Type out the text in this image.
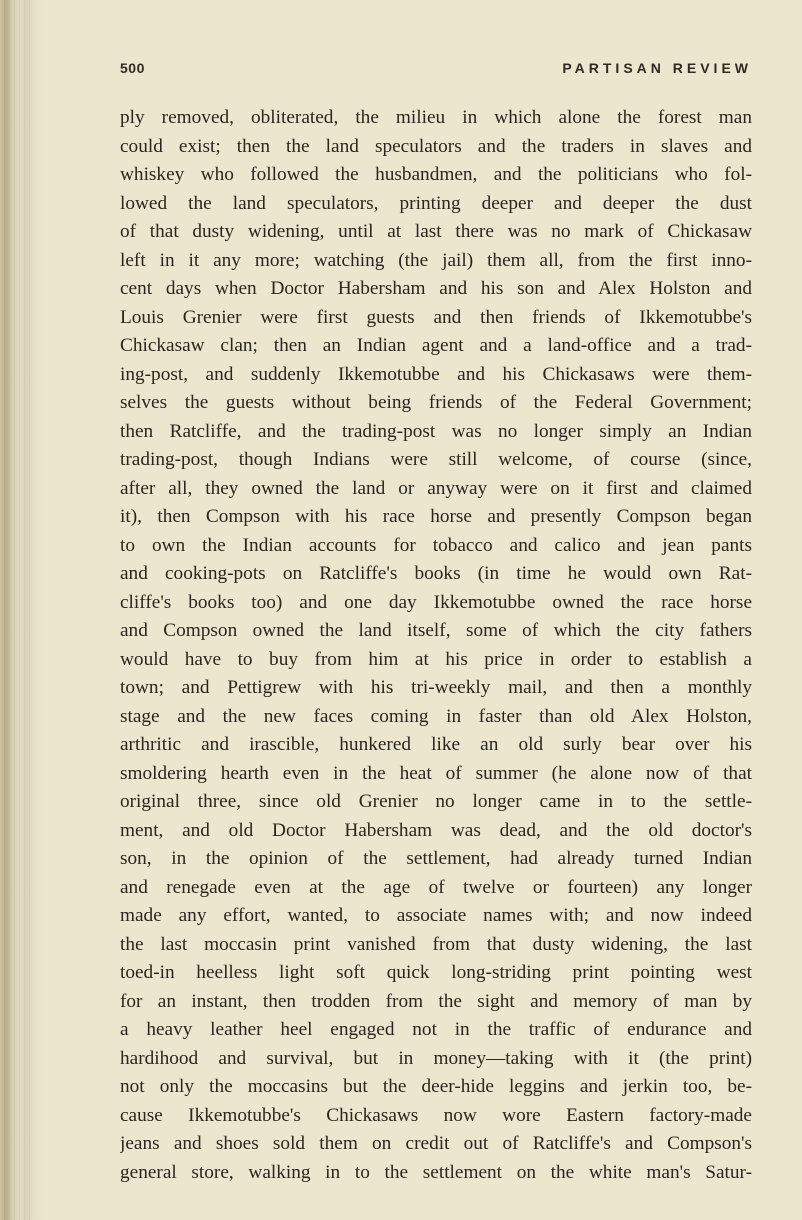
500	PARTISAN REVIEW
ply removed, obliterated, the milieu in which alone the forest man
could exist; then the land speculators and the traders in slaves and
whiskey who followed the husbandmen, and the politicians who fol-
lowed the land speculators, printing deeper and deeper the dust
of that dusty widening, until at last there was no mark of Chickasaw
left in it any more; watching (the jail) them all, from the first inno-
cent days when Doctor Habersham and his son and Alex Holston and
Louis Grenier were first guests and then friends of Ikkemotubbe's
Chickasaw clan; then an Indian agent and a land-office and a trad-
ing-post, and suddenly Ikkemotubbe and his Chickasaws were them-
selves the guests without being friends of the Federal Government;
then Ratcliffe, and the trading-post was no longer simply an Indian
trading-post, though Indians were still welcome, of course (since,
after all, they owned the land or anyway were on it first and claimed
it), then Compson with his race horse and presently Compson began
to own the Indian accounts for tobacco and calico and jean pants
and cooking-pots on Ratcliffe's books (in time he would own Rat-
cliffe's books too) and one day Ikkemotubbe owned the race horse
and Compson owned the land itself, some of which the city fathers
would have to buy from him at his price in order to establish a
town; and Pettigrew with his tri-weekly mail, and then a monthly
stage and the new faces coming in faster than old Alex Holston,
arthritic and irascible, hunkered like an old surly bear over his
smoldering hearth even in the heat of summer (he alone now of that
original three, since old Grenier no longer came in to the settle-
ment, and old Doctor Habersham was dead, and the old doctor's
son, in the opinion of the settlement, had already turned Indian
and renegade even at the age of twelve or fourteen) any longer
made any effort, wanted, to associate names with; and now indeed
the last moccasin print vanished from that dusty widening, the last
toed-in heelless light soft quick long-striding print pointing west
for an instant, then trodden from the sight and memory of man by
a heavy leather heel engaged not in the traffic of endurance and
hardihood and survival, but in money—taking with it (the print)
not only the moccasins but the deer-hide leggins and jerkin too, be-
cause Ikkemotubbe's Chickasaws now wore Eastern factory-made
jeans and shoes sold them on credit out of Ratcliffe's and Compson's
general store, walking in to the settlement on the white man's Satur-
